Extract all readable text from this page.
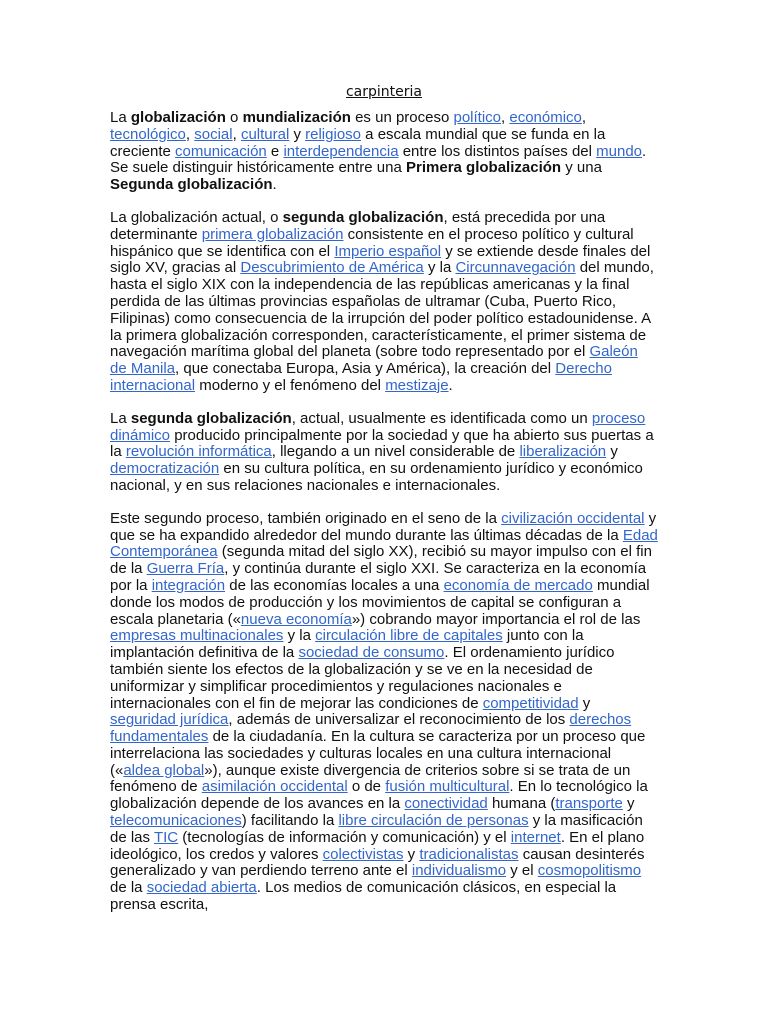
carpinteria

La globalización o mundialización es un proceso político, económico, tecnológico, social, cultural y religioso a escala mundial que se funda en la creciente comunicación e interdependencia entre los distintos países del mundo. Se suele distinguir históricamente entre una Primera globalización y una Segunda globalización.

La globalización actual, o segunda globalización, está precedida por una determinante primera globalización consistente en el proceso político y cultural hispánico que se identifica con el Imperio español y se extiende desde finales del siglo XV, gracias al Descubrimiento de América y la Circunnavegación del mundo, hasta el siglo XIX con la independencia de las repúblicas americanas y la final perdida de las últimas provincias españolas de ultramar (Cuba, Puerto Rico, Filipinas) como consecuencia de la irrupción del poder político estadounidense. A la primera globalización corresponden, característicamente, el primer sistema de navegación marítima global del planeta (sobre todo representado por el Galeón de Manila, que conectaba Europa, Asia y América), la creación del Derecho internacional moderno y el fenómeno del mestizaje.

La segunda globalización, actual, usualmente es identificada como un proceso dinámico producido principalmente por la sociedad y que ha abierto sus puertas a la revolución informática, llegando a un nivel considerable de liberalización y democratización en su cultura política, en su ordenamiento jurídico y económico nacional, y en sus relaciones nacionales e internacionales.

Este segundo proceso, también originado en el seno de la civilización occidental y que se ha expandido alrededor del mundo durante las últimas décadas de la Edad Contemporánea (segunda mitad del siglo XX), recibió su mayor impulso con el fin de la Guerra Fría, y continúa durante el siglo XXI. Se caracteriza en la economía por la integración de las economías locales a una economía de mercado mundial donde los modos de producción y los movimientos de capital se configuran a escala planetaria («nueva economía») cobrando mayor importancia el rol de las empresas multinacionales y la circulación libre de capitales junto con la implantación definitiva de la sociedad de consumo. El ordenamiento jurídico también siente los efectos de la globalización y se ve en la necesidad de uniformizar y simplificar procedimientos y regulaciones nacionales e internacionales con el fin de mejorar las condiciones de competitividad y seguridad jurídica, además de universalizar el reconocimiento de los derechos fundamentales de la ciudadanía. En la cultura se caracteriza por un proceso que interrelaciona las sociedades y culturas locales en una cultura internacional («aldea global»), aunque existe divergencia de criterios sobre si se trata de un fenómeno de asimilación occidental o de fusión multicultural. En lo tecnológico la globalización depende de los avances en la conectividad humana (transporte y telecomunicaciones) facilitando la libre circulación de personas y la masificación de las TIC (tecnologías de información y comunicación) y el internet. En el plano ideológico, los credos y valores colectivistas y tradicionalistas causan desinterés generalizado y van perdiendo terreno ante el individualismo y el cosmopolitismo de la sociedad abierta. Los medios de comunicación clásicos, en especial la prensa escrita,
